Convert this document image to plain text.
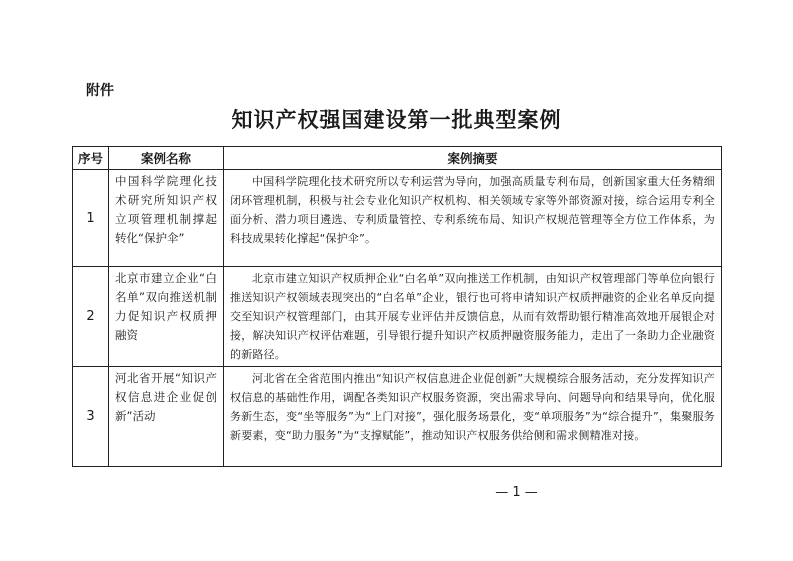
附件
知识产权强国建设第一批典型案例
序号	案例名称	案例摘要
1	中国科学院理化技术研究所知识产权立项管理机制撑起转化“保护伞”	中国科学院理化技术研究所以专利运营为导向，加强高质量专利布局，创新国家重大任务精细闭环管理机制，积极与社会专业化知识产权机构、相关领域专家等外部资源对接，综合运用专利全面分析、潜力项目遴选、专利质量管控、专利系统布局、知识产权规范管理等全方位工作体系，为科技成果转化撑起“保护伞”。
2	北京市建立企业“白名单”双向推送机制 力促知识产权质押融资	北京市建立知识产权质押企业“白名单”双向推送工作机制，由知识产权管理部门等单位向银行推送知识产权领域表现突出的“白名单”企业，银行也可将申请知识产权质押融资的企业名单反向提交至知识产权管理部门，由其开展专业评估并反馈信息，从而有效帮助银行精准高效地开展银企对接，解决知识产权评估难题，引导银行提升知识产权质押融资服务能力，走出了一条助力企业融资的新路径。
3	河北省开展“知识产权信息进企业促创新”活动	河北省在全省范围内推出“知识产权信息进企业促创新”大规模综合服务活动，充分发挥知识产权信息的基础性作用，调配各类知识产权服务资源，突出需求导向、问题导向和结果导向，优化服务新生态，变“坐等服务”为“上门对接”，强化服务场景化，变“单项服务”为“综合提升”，集聚服务新要素，变“助力服务”为“支撑赋能”，推动知识产权服务供给侧和需求侧精准对接。
— 1 —
